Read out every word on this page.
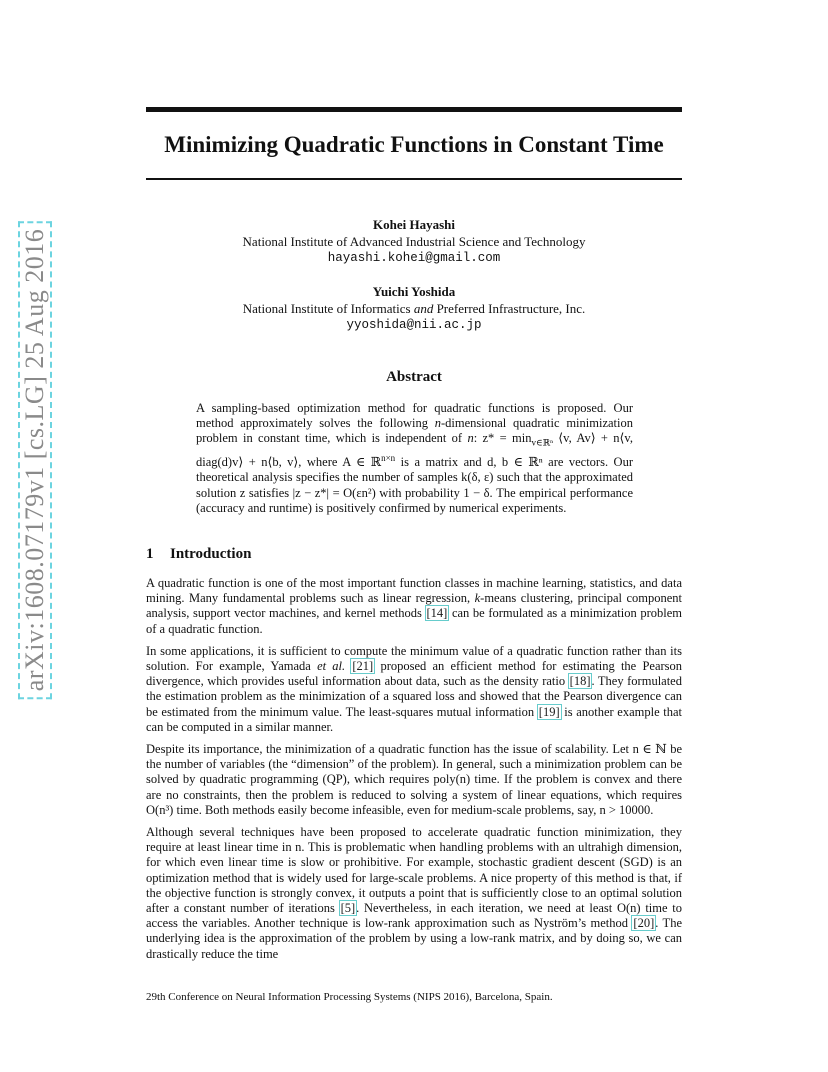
arXiv:1608.07179v1 [cs.LG] 25 Aug 2016
Minimizing Quadratic Functions in Constant Time
Kohei Hayashi
National Institute of Advanced Industrial Science and Technology
hayashi.kohei@gmail.com
Yuichi Yoshida
National Institute of Informatics and Preferred Infrastructure, Inc.
yyoshida@nii.ac.jp
Abstract
A sampling-based optimization method for quadratic functions is proposed. Our method approximately solves the following n-dimensional quadratic minimization problem in constant time, which is independent of n: $z* = \min_{v\in ℝ^n}$ ⟨v, Av⟩ + n⟨v, diag(d)v⟩ + n⟨b, v⟩, where A ∈ ℝ$^{n\times n}$ is a matrix and d, b ∈ ℝⁿ are vectors. Our theoretical analysis specifies the number of samples k(δ, ε) such that the approximated solution z satisfies |z − z*| = O(εn²) with probability 1 − δ. The empirical performance (accuracy and runtime) is positively confirmed by numerical experiments.
1 Introduction

A quadratic function is one of the most important function classes in machine learning, statistics, and data mining. Many fundamental problems such as linear regression, k-means clustering, principal component analysis, support vector machines, and kernel methods [14] can be formulated as a minimization problem of a quadratic function.

In some applications, it is sufficient to compute the minimum value of a quadratic function rather than its solution. For example, Yamada et al. [21] proposed an efficient method for estimating the Pearson divergence, which provides useful information about data, such as the density ratio [18]. They formulated the estimation problem as the minimization of a squared loss and showed that the Pearson divergence can be estimated from the minimum value. The least-squares mutual information [19] is another example that can be computed in a similar manner.

Despite its importance, the minimization of a quadratic function has the issue of scalability. Let n ∈ ℕ be the number of variables (the “dimension” of the problem). In general, such a minimization problem can be solved by quadratic programming (QP), which requires poly(n) time. If the problem is convex and there are no constraints, then the problem is reduced to solving a system of linear equations, which requires O(n³) time. Both methods easily become infeasible, even for medium-scale problems, say, n > 10000.

Although several techniques have been proposed to accelerate quadratic function minimization, they require at least linear time in n. This is problematic when handling problems with an ultrahigh dimension, for which even linear time is slow or prohibitive. For example, stochastic gradient descent (SGD) is an optimization method that is widely used for large-scale problems. A nice property of this method is that, if the objective function is strongly convex, it outputs a point that is sufficiently close to an optimal solution after a constant number of iterations [5]. Nevertheless, in each iteration, we need at least O(n) time to access the variables. Another technique is low-rank approximation such as Nyström’s method [20]. The underlying idea is the approximation of the problem by using a low-rank matrix, and by doing so, we can drastically reduce the time

29th Conference on Neural Information Processing Systems (NIPS 2016), Barcelona, Spain.
